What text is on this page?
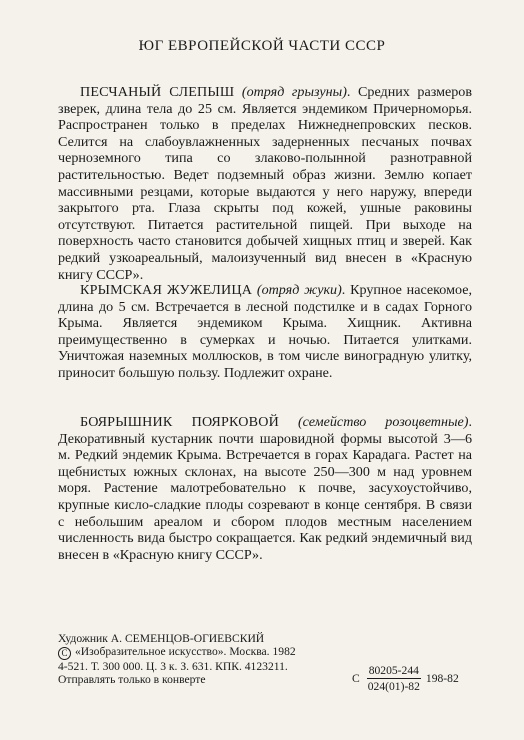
ЮГ ЕВРОПЕЙСКОЙ ЧАСТИ СССР

ПЕСЧАНЫЙ СЛЕПЫШ (отряд грызуны). Средних размеров зверек, длина тела до 25 см. Является эндемиком Причерноморья. Распространен только в пределах Нижнеднепровских песков. Селится на слабоувлажненных задерненных песчаных почвах черноземного типа со злаково-полынной разнотравной растительностью. Ведет подземный образ жизни. Землю копает массивными резцами, которые выдаются у него наружу, впереди закрытого рта. Глаза скрыты под кожей, ушные раковины отсутствуют. Питается растительной пищей. При выходе на поверхность часто становится добычей хищных птиц и зверей. Как редкий узкоареальный, малоизученный вид внесен в «Красную книгу СССР».

КРЫМСКАЯ ЖУЖЕЛИЦА (отряд жуки). Крупное насекомое, длина до 5 см. Встречается в лесной подстилке и в садах Горного Крыма. Является эндемиком Крыма. Хищник. Активна преимущественно в сумерках и ночью. Питается улитками. Уничтожая наземных моллюсков, в том числе виноградную улитку, приносит большую пользу. Подлежит охране.

БОЯРЫШНИК ПОЯРКОВОЙ (семейство розоцветные). Декоративный кустарник почти шаровидной формы высотой 3—6 м. Редкий эндемик Крыма. Встречается в горах Карадага. Растет на щебнистых южных склонах, на высоте 250—300 м над уровнем моря. Растение малотребовательно к почве, засухоустойчиво, крупные кисло-сладкие плоды созревают в конце сентября. В связи с небольшим ареалом и сбором плодов местным населением численность вида быстро сокращается. Как редкий эндемичный вид внесен в «Красную книгу СССР».

Художник А. СЕМЕНЦОВ-ОГИЕВСКИЙ
C «Изобразительное искусство». Москва. 1982
4-521. Т. 300 000. Ц. 3 к. З. 631. КПК. 4123211.
Отправлять только в конверте	С $\frac{80205-244}{024(01)-82} 198-82$
